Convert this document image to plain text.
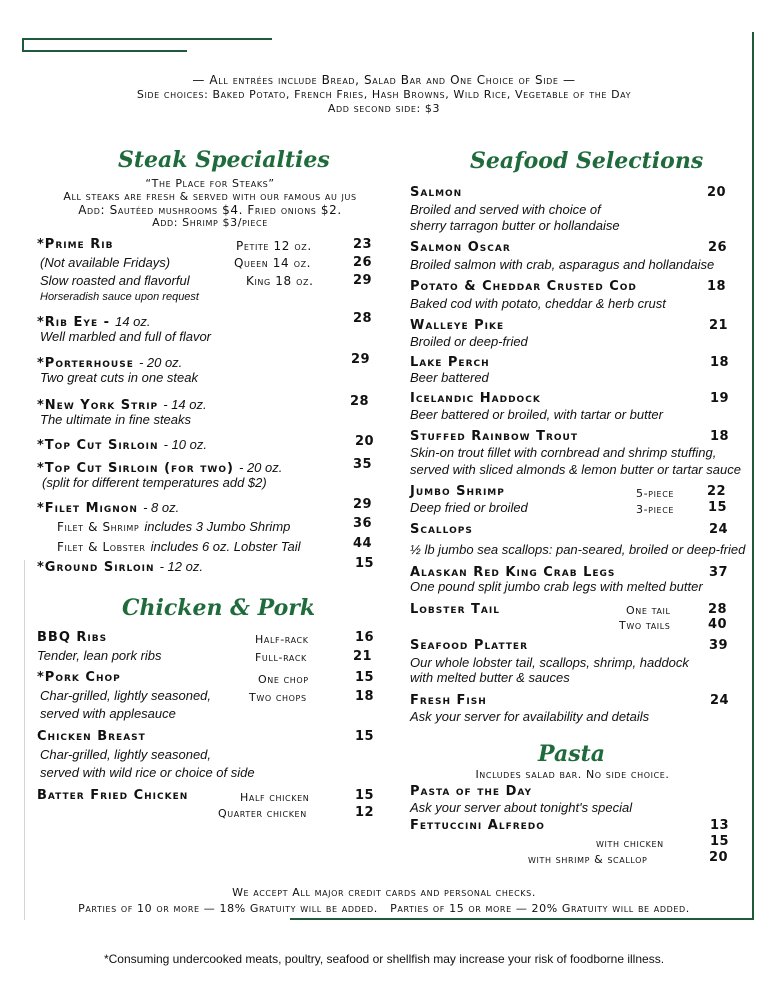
— All entrées include Bread, Salad Bar and One Choice of Side —
Side choices: Baked Potato, French Fries, Hash Browns, Wild Rice, Vegetable of the Day
Add second side: $3
Steak Specialties
“The Place for Steaks”
All steaks are fresh & served with our famous au jus
Add: Sautéed mushrooms $4. Fried onions $2.
Add: Shrimp $3/piece
*Prime Rib
(Not available Fridays)
Slow roasted and flavorful
Horseradish sauce upon request
Petite 12 oz.	23
Queen 14 oz.	26
King 18 oz.	29
*Rib Eye - 14 oz.
Well marbled and full of flavor
28
*Porterhouse - 20 oz.
Two great cuts in one steak
29
*New York Strip - 14 oz.
The ultimate in fine steaks
28
*Top Cut Sirloin - 10 oz.	20
*Top Cut Sirloin (for two) - 20 oz.
(split for different temperatures add $2)
35
*Filet Mignon - 8 oz.	29
Filet & Shrimp includes 3 Jumbo Shrimp	36
Filet & Lobster includes 6 oz. Lobster Tail	44
*Ground Sirloin - 12 oz.	15
Chicken & Pork
BBQ Ribs
Tender, lean pork ribs
Half-rack	16
Full-rack	21
*Pork Chop
Char-grilled, lightly seasoned,
served with applesauce
One chop	15
Two chops	18
Chicken Breast
Char-grilled, lightly seasoned,
served with wild rice or choice of side
15
Batter Fried Chicken	Half chicken	15
Quarter chicken	12
Seafood Selections
Salmon
Broiled and served with choice of
sherry tarragon butter or hollandaise
20
Salmon Oscar
Broiled salmon with crab, asparagus and hollandaise
26
Potato & Cheddar Crusted Cod
Baked cod with potato, cheddar & herb crust
18
Walleye Pike
Broiled or deep-fried
21
Lake Perch
Beer battered
18
Icelandic Haddock
Beer battered or broiled, with tartar or butter
19
Stuffed Rainbow Trout
Skin-on trout fillet with cornbread and shrimp stuffing,
served with sliced almonds & lemon butter or tartar sauce
18
Jumbo Shrimp
Deep fried or broiled
5-piece	22
3-piece	15
Scallops
½ lb jumbo sea scallops: pan-seared, broiled or deep-fried
24
Alaskan Red King Crab Legs
One pound split jumbo crab legs with melted butter
37
Lobster Tail	One tail	28
Two tails	40
Seafood Platter
Our whole lobster tail, scallops, shrimp, haddock
with melted butter & sauces
39
Fresh Fish
Ask your server for availability and details
24
Pasta
Includes salad bar. No side choice.
Pasta of the Day
Ask your server about tonight's special
Fettuccini Alfredo	13
with chicken	15
with shrimp & scallop	20
We accept All major credit cards and personal checks.
Parties of 10 or more — 18% Gratuity will be added.   Parties of 15 or more — 20% Gratuity will be added.
*Consuming undercooked meats, poultry, seafood or shellfish may increase your risk of foodborne illness.
